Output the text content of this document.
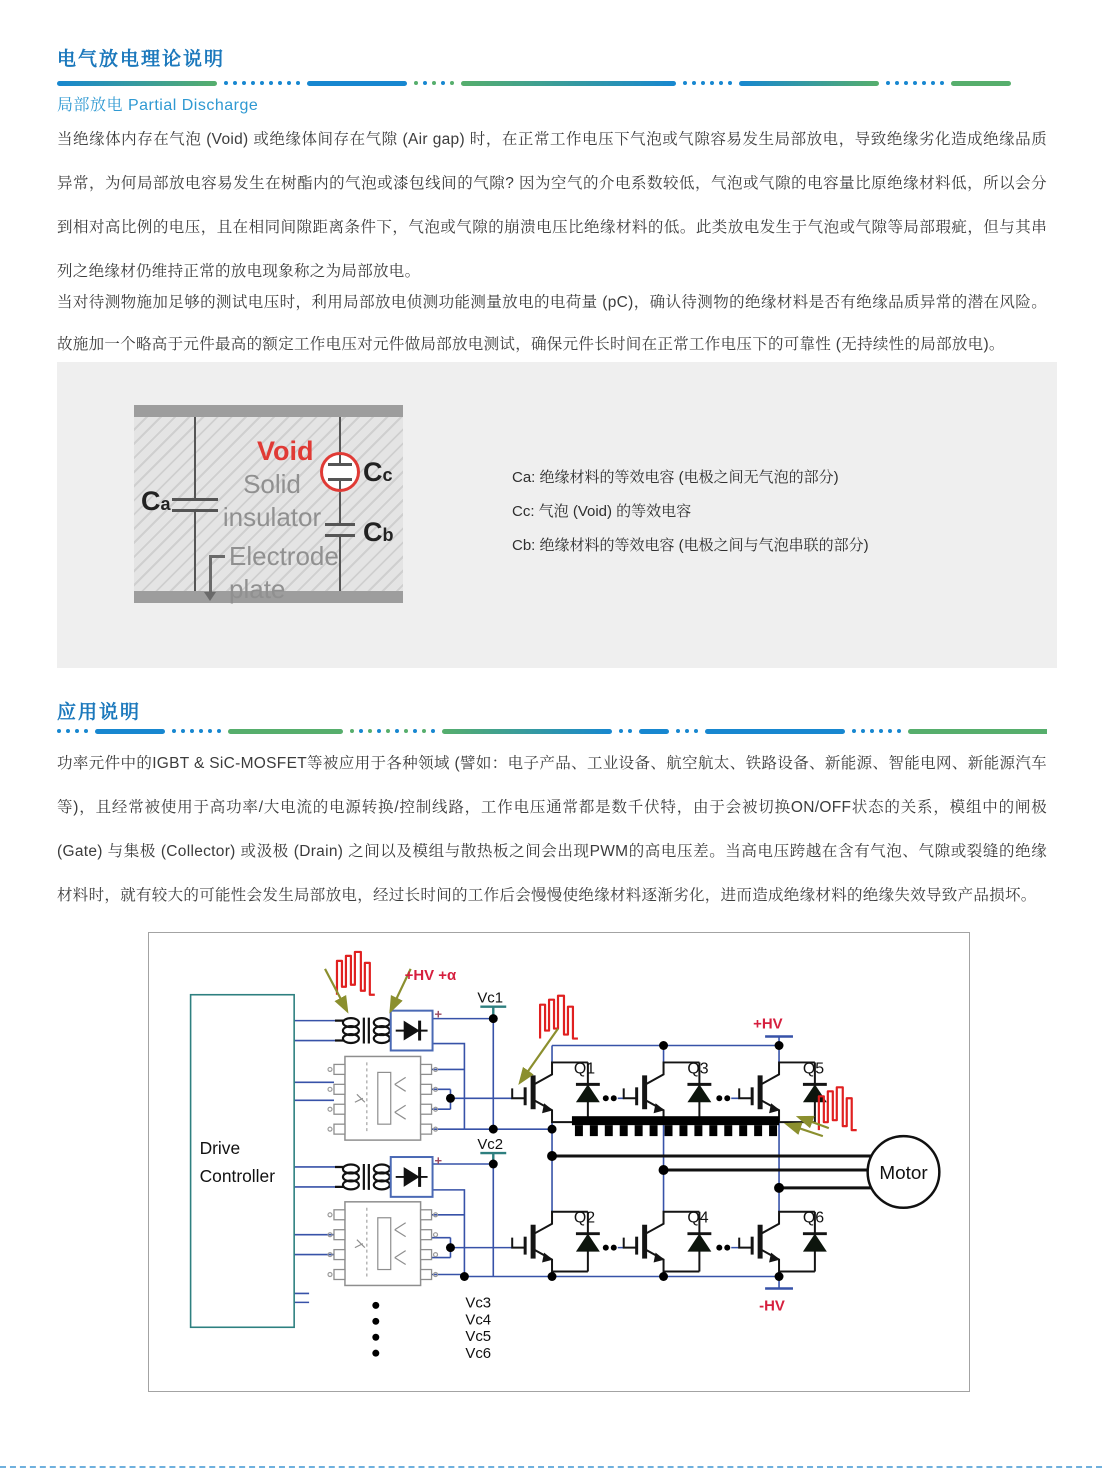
电气放电理论说明
局部放电 Partial Discharge
当绝缘体内存在气泡 (Void) 或绝缘体间存在气隙 (Air gap) 时，在正常工作电压下气泡或气隙容易发生局部放电，导致绝缘劣化造成绝缘品质异常，为何局部放电容易发生在树酯内的气泡或漆包线间的气隙? 因为空气的介电系数较低，气泡或气隙的电容量比原绝缘材料低，所以会分到相对高比例的电压，且在相同间隙距离条件下，气泡或气隙的崩溃电压比绝缘材料的低。此类放电发生于气泡或气隙等局部瑕疵，但与其串列之绝缘材仍维持正常的放电现象称之为局部放电。
当对待测物施加足够的测试电压时，利用局部放电侦测功能测量放电的电荷量 (pC)，确认待测物的绝缘材料是否有绝缘品质异常的潜在风险。故施加一个略高于元件最高的额定工作电压对元件做局部放电测试，确保元件长时间在正常工作电压下的可靠性 (无持续性的局部放电)。
Ca
Cc
Cb
Void
Solid
insulator
Electrode
plate
Ca: 绝缘材料的等效电容 (电极之间无气泡的部分)
Cc: 气泡 (Void) 的等效电容
Cb: 绝缘材料的等效电容 (电极之间与气泡串联的部分)
应用说明
功率元件中的IGBT & SiC-MOSFET等被应用于各种领域 (譬如：电子产品、工业设备、航空航太、铁路设备、新能源、智能电网、新能源汽车等)，且经常被使用于高功率/大电流的电源转换/控制线路，工作电压通常都是数千伏特，由于会被切换ON/OFF状态的关系，模组中的闸极 (Gate) 与集极 (Collector) 或汲极 (Drain) 之间以及模组与散热板之间会出现PWM的高电压差。当高电压跨越在含有气泡、气隙或裂缝的绝缘材料时，就有较大的可能性会发生局部放电，经过长时间的工作后会慢慢使绝缘材料逐渐劣化，进而造成绝缘材料的绝缘失效导致产品损坏。
Drive
Controller
+
+
Motor
Vc1
Vc2
Vc3
Vc4
Vc5
Vc6
Q1	Q3	Q5
Q2	Q4	Q6
+HV +α
+HV
-HV
